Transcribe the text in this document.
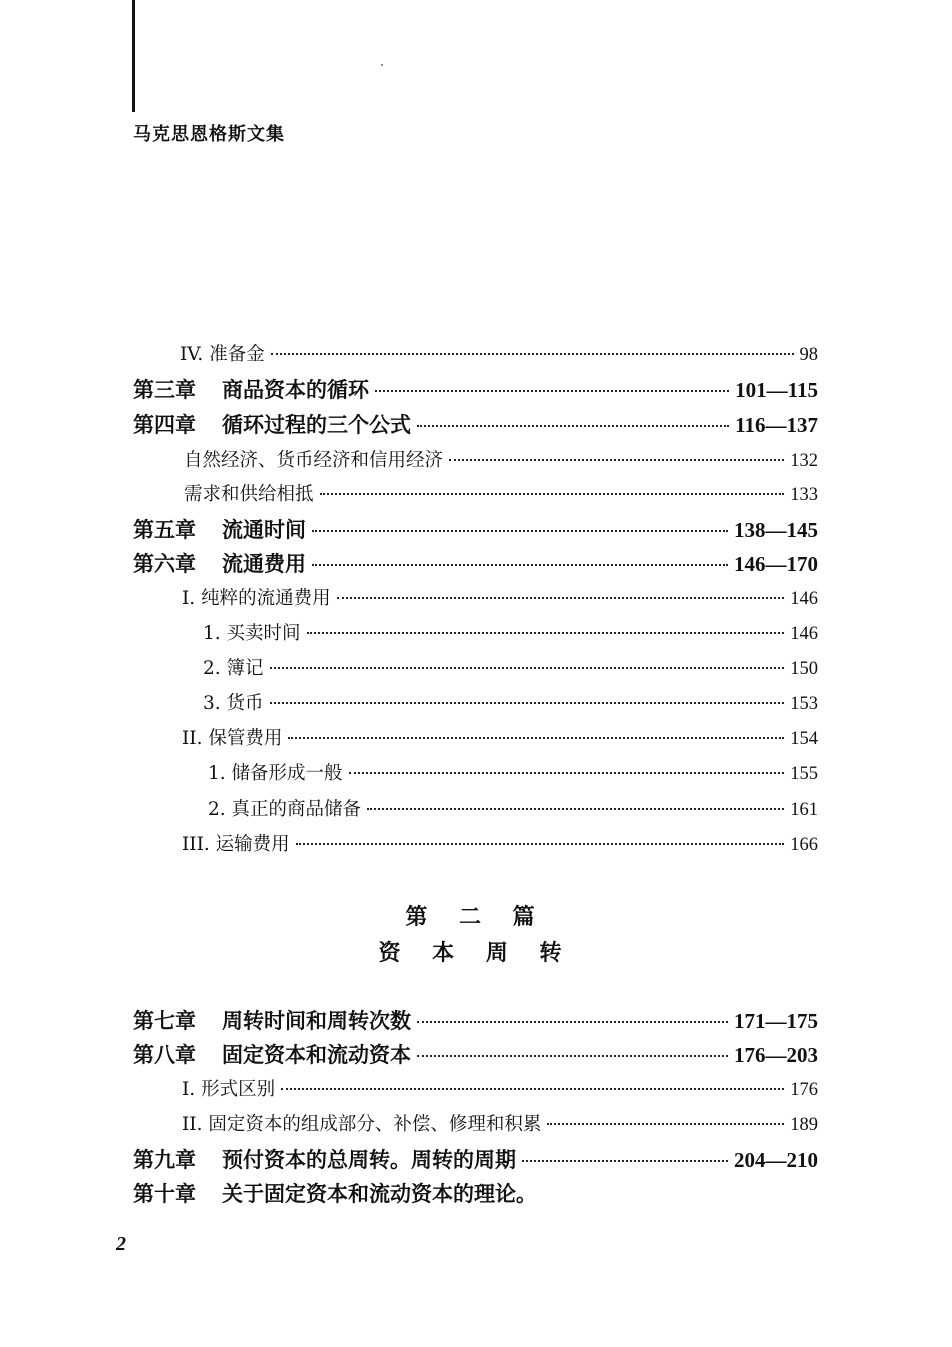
马克思恩格斯文集
IV. 准备金	98
第三章 商品资本的循环	101—115
第四章 循环过程的三个公式	116—137
自然经济、货币经济和信用经济	132
需求和供给相抵	133
第五章 流通时间	138—145
第六章 流通费用	146—170
I. 纯粹的流通费用	146
1. 买卖时间	146
2. 簿记	150
3. 货币	153
II. 保管费用	154
1. 储备形成一般	155
2. 真正的商品储备	161
III. 运输费用	166
第 二 篇
资 本 周 转
第七章 周转时间和周转次数	171—175
第八章 固定资本和流动资本	176—203
I. 形式区别	176
II. 固定资本的组成部分、补偿、修理和积累	189
第九章 预付资本的总周转。周转的周期	204—210
第十章 关于固定资本和流动资本的理论。
2
